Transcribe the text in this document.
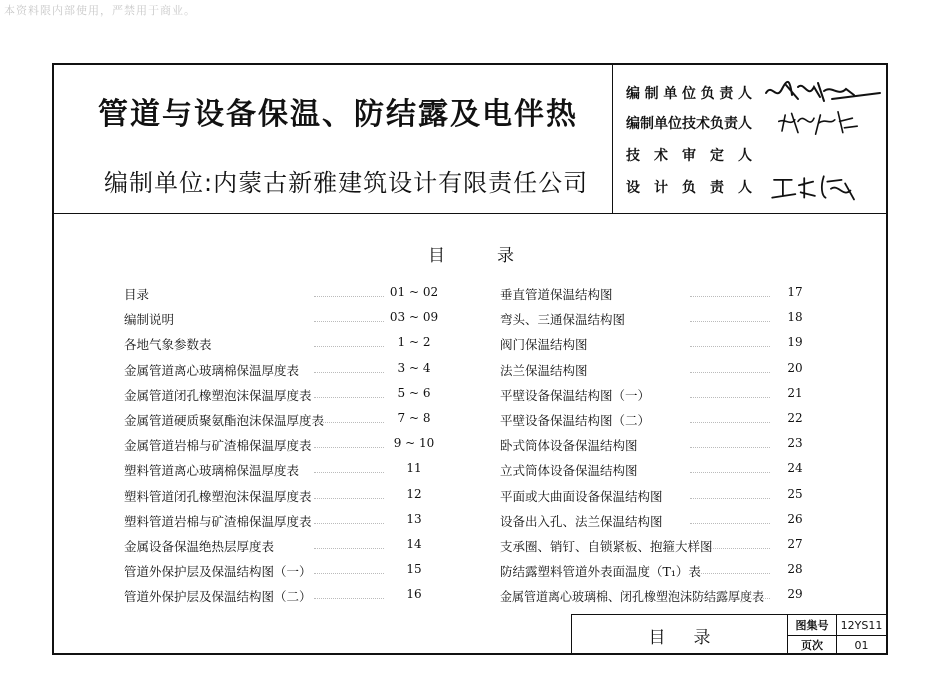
本资料限内部使用，严禁用于商业。
管道与设备保温、防结露及电伴热
编制单位:内蒙古新雅建筑设计有限责任公司
编制单位负责人
编制单位技术负责人
技术审定人
设计负责人
目录
目录	01 ~ 02
编制说明	03 ~ 09
各地气象参数表	1 ~ 2
金属管道离心玻璃棉保温厚度表	3 ~ 4
金属管道闭孔橡塑泡沫保温厚度表	5 ~ 6
金属管道硬质聚氨酯泡沫保温厚度表	7 ~ 8
金属管道岩棉与矿渣棉保温厚度表	9 ~ 10
塑料管道离心玻璃棉保温厚度表	11
塑料管道闭孔橡塑泡沫保温厚度表	12
塑料管道岩棉与矿渣棉保温厚度表	13
金属设备保温绝热层厚度表	14
管道外保护层及保温结构图（一）	15
管道外保护层及保温结构图（二）	16
垂直管道保温结构图	17
弯头、三通保温结构图	18
阀门保温结构图	19
法兰保温结构图	20
平壁设备保温结构图（一）	21
平壁设备保温结构图（二）	22
卧式筒体设备保温结构图	23
立式筒体设备保温结构图	24
平面或大曲面设备保温结构图	25
设备出入孔、法兰保温结构图	26
支承圈、销钉、自锁紧板、抱箍大样图	27
防结露塑料管道外表面温度（T₁）表	28
金属管道离心玻璃棉、闭孔橡塑泡沫防结露厚度表	29
目录
图集号	12YS11
页次	01
